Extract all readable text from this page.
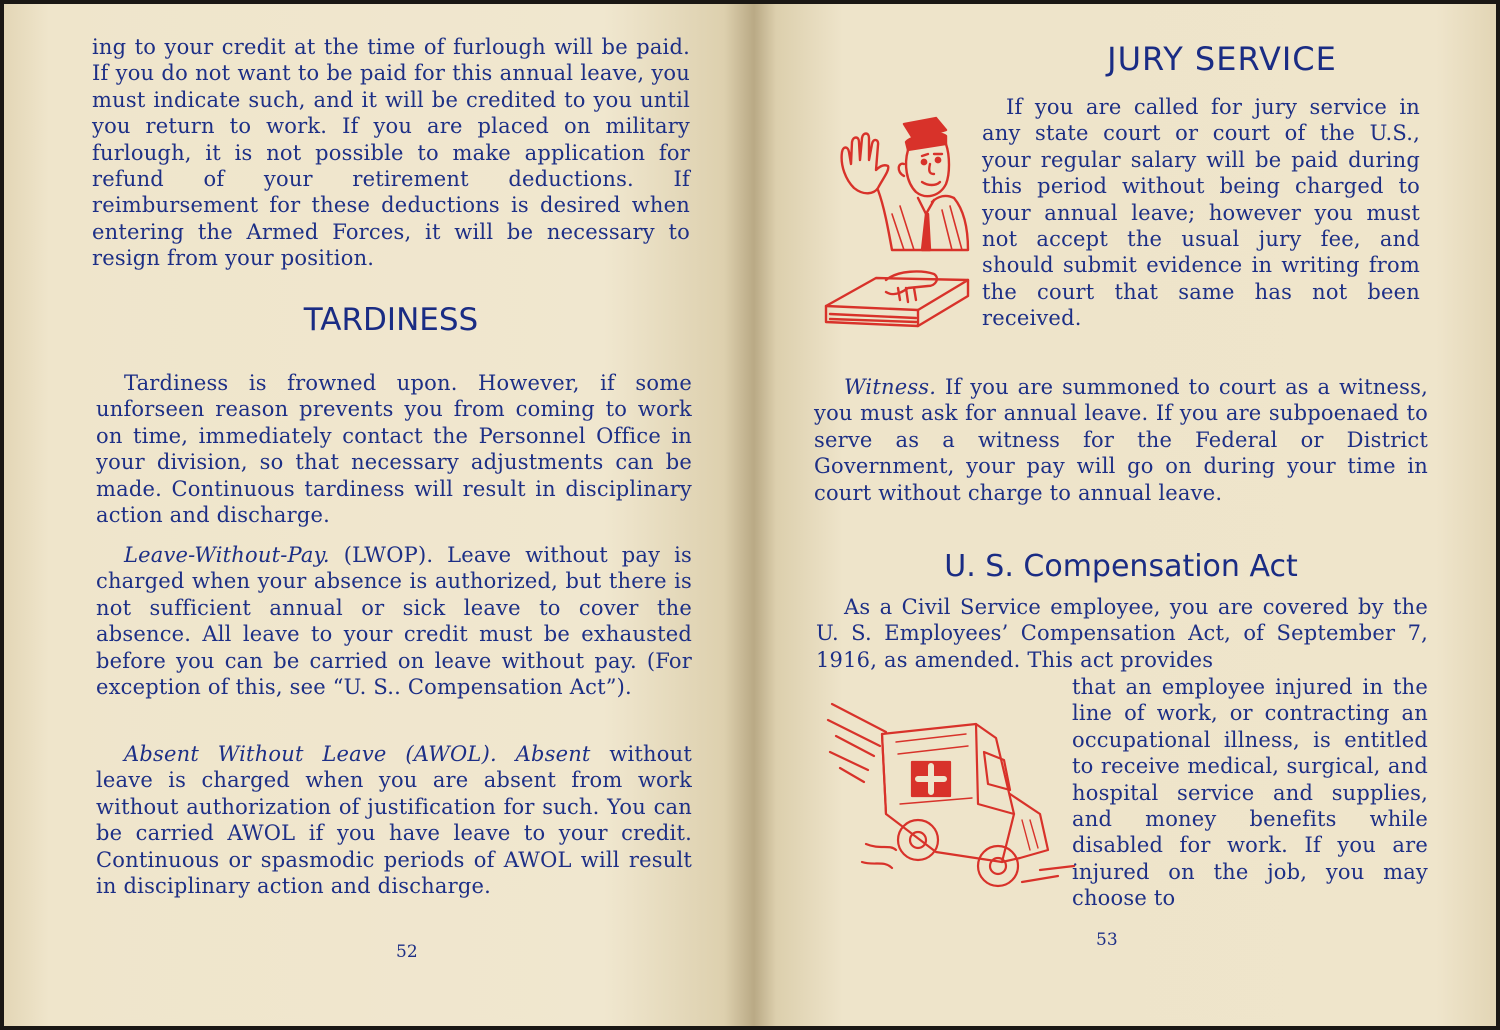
ing to your credit at the time of furlough will be paid. If you do not want to be paid for this annual leave, you must indicate such, and it will be credited to you until you return to work. If you are placed on military furlough, it is not possible to make application for refund of your retirement deductions. If reimbursement for these deductions is desired when entering the Armed Forces, it will be necessary to resign from your position.

TARDINESS

Tardiness is frowned upon. However, if some unforseen reason prevents you from coming to work on time, immediately contact the Personnel Office in your division, so that necessary adjustments can be made. Continuous tardiness will result in disciplinary action and discharge.

Leave-Without-Pay. (LWOP). Leave without pay is charged when your absence is authorized, but there is not sufficient annual or sick leave to cover the absence. All leave to your credit must be exhausted before you can be carried on leave without pay. (For exception of this, see “U. S.. Compensation Act”).

Absent Without Leave (AWOL). Absent without leave is charged when you are absent from work without authorization of justification for such. You can be carried AWOL if you have leave to your credit. Continuous or spasmodic periods of AWOL will result in disciplinary action and discharge.

52

JURY SERVICE

If you are called for jury service in any state court or court of the U.S., your regular salary will be paid during this period without being charged to your annual leave; however you must not accept the usual jury fee, and should submit evidence in writing from the court that same has not been received.

Witness. If you are summoned to court as a witness, you must ask for annual leave. If you are subpoenaed to serve as a witness for the Federal or District Government, your pay will go on during your time in court without charge to annual leave.

U. S. Compensation Act

As a Civil Service employee, you are covered by the U. S. Employees’ Compensation Act, of September 7, 1916, as amended. This act provides

that an employee injured in the line of work, or contracting an occupational illness, is entitled to receive medical, surgical, and hospital service and supplies, and money benefits while disabled for work. If you are injured on the job, you may choose to

53
